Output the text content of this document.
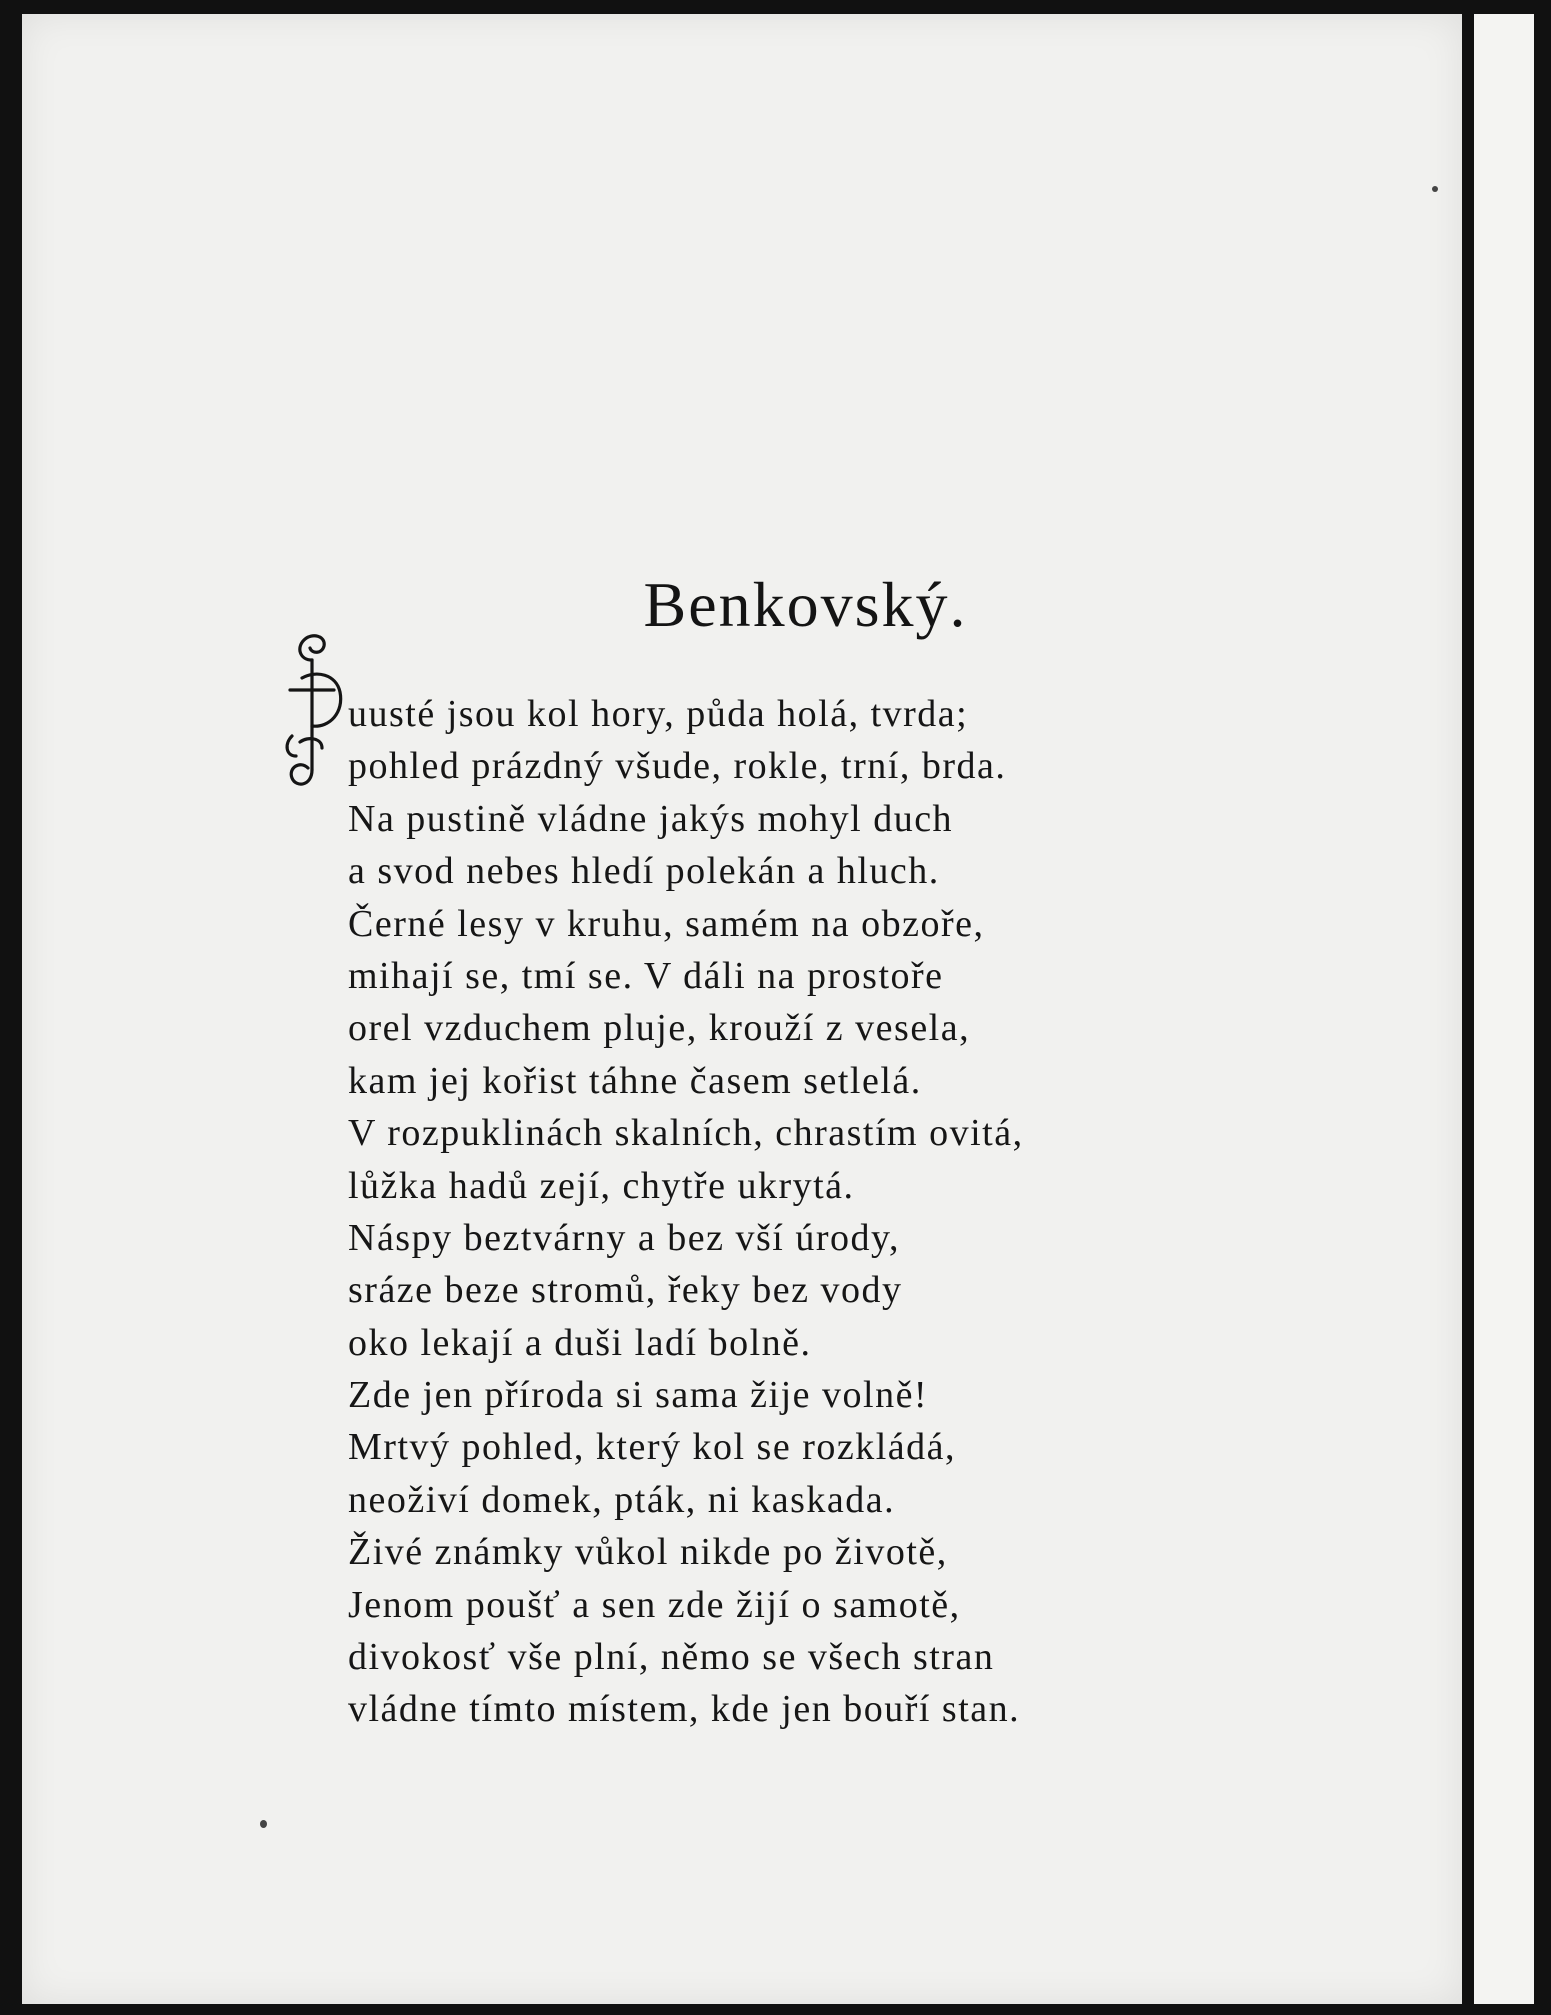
Benkovský.
uusté jsou kol hory, půda holá, tvrda;
pohled prázdný všude, rokle, trní, brda.
Na pustině vládne jakýs mohyl duch
a svod nebes hledí polekán a hluch.
Černé lesy v kruhu, samém na obzoře,
mihají se, tmí se. V dáli na prostoře
orel vzduchem pluje, krouží z vesela,
kam jej kořist táhne časem setlelá.
V rozpuklinách skalních, chrastím ovitá,
lůžka hadů zejí, chytře ukrytá.
Náspy beztvárny a bez vší úrody,
sráze beze stromů, řeky bez vody
oko lekají a duši ladí bolně.
Zde jen příroda si sama žije volně!
Mrtvý pohled, který kol se rozkládá,
neoživí domek, pták, ni kaskada.
Živé známky vůkol nikde po životě,
Jenom poušť a sen zde žijí o samotě,
divokosť vše plní, němo se všech stran
vládne tímto místem, kde jen bouří stan.
